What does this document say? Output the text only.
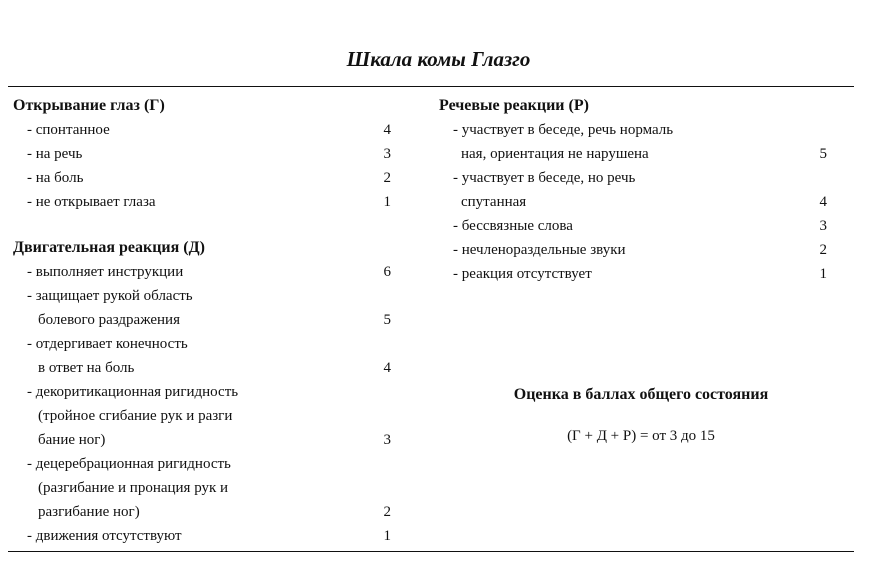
Шкала комы Глазго
Открывание глаз (Г)
- спонтанное	4
- на речь	3
- на боль	2
- не открывает глаза	1
Двигательная реакция (Д)
- выполняет инструкции	6
- защищает рукой область
болевого раздражения	5
- отдергивает конечность
в ответ на боль	4
- декоритикационная ригидность
(тройное сгибание рук и разги
бание ног)	3
- децеребрационная ригидность
(разгибание и пронация рук и
разгибание ног)	2
- движения отсутствуют	1
Речевые реакции (Р)
- участвует в беседе, речь нормаль
ная, ориентация не нарушена	5
- участвует в беседе, но речь
спутанная	4
- бессвязные слова	3
- нечленораздельные звуки	2
- реакция отсутствует	1
Оценка в баллах общего состояния
(Г + Д + Р) = от 3 до 15
